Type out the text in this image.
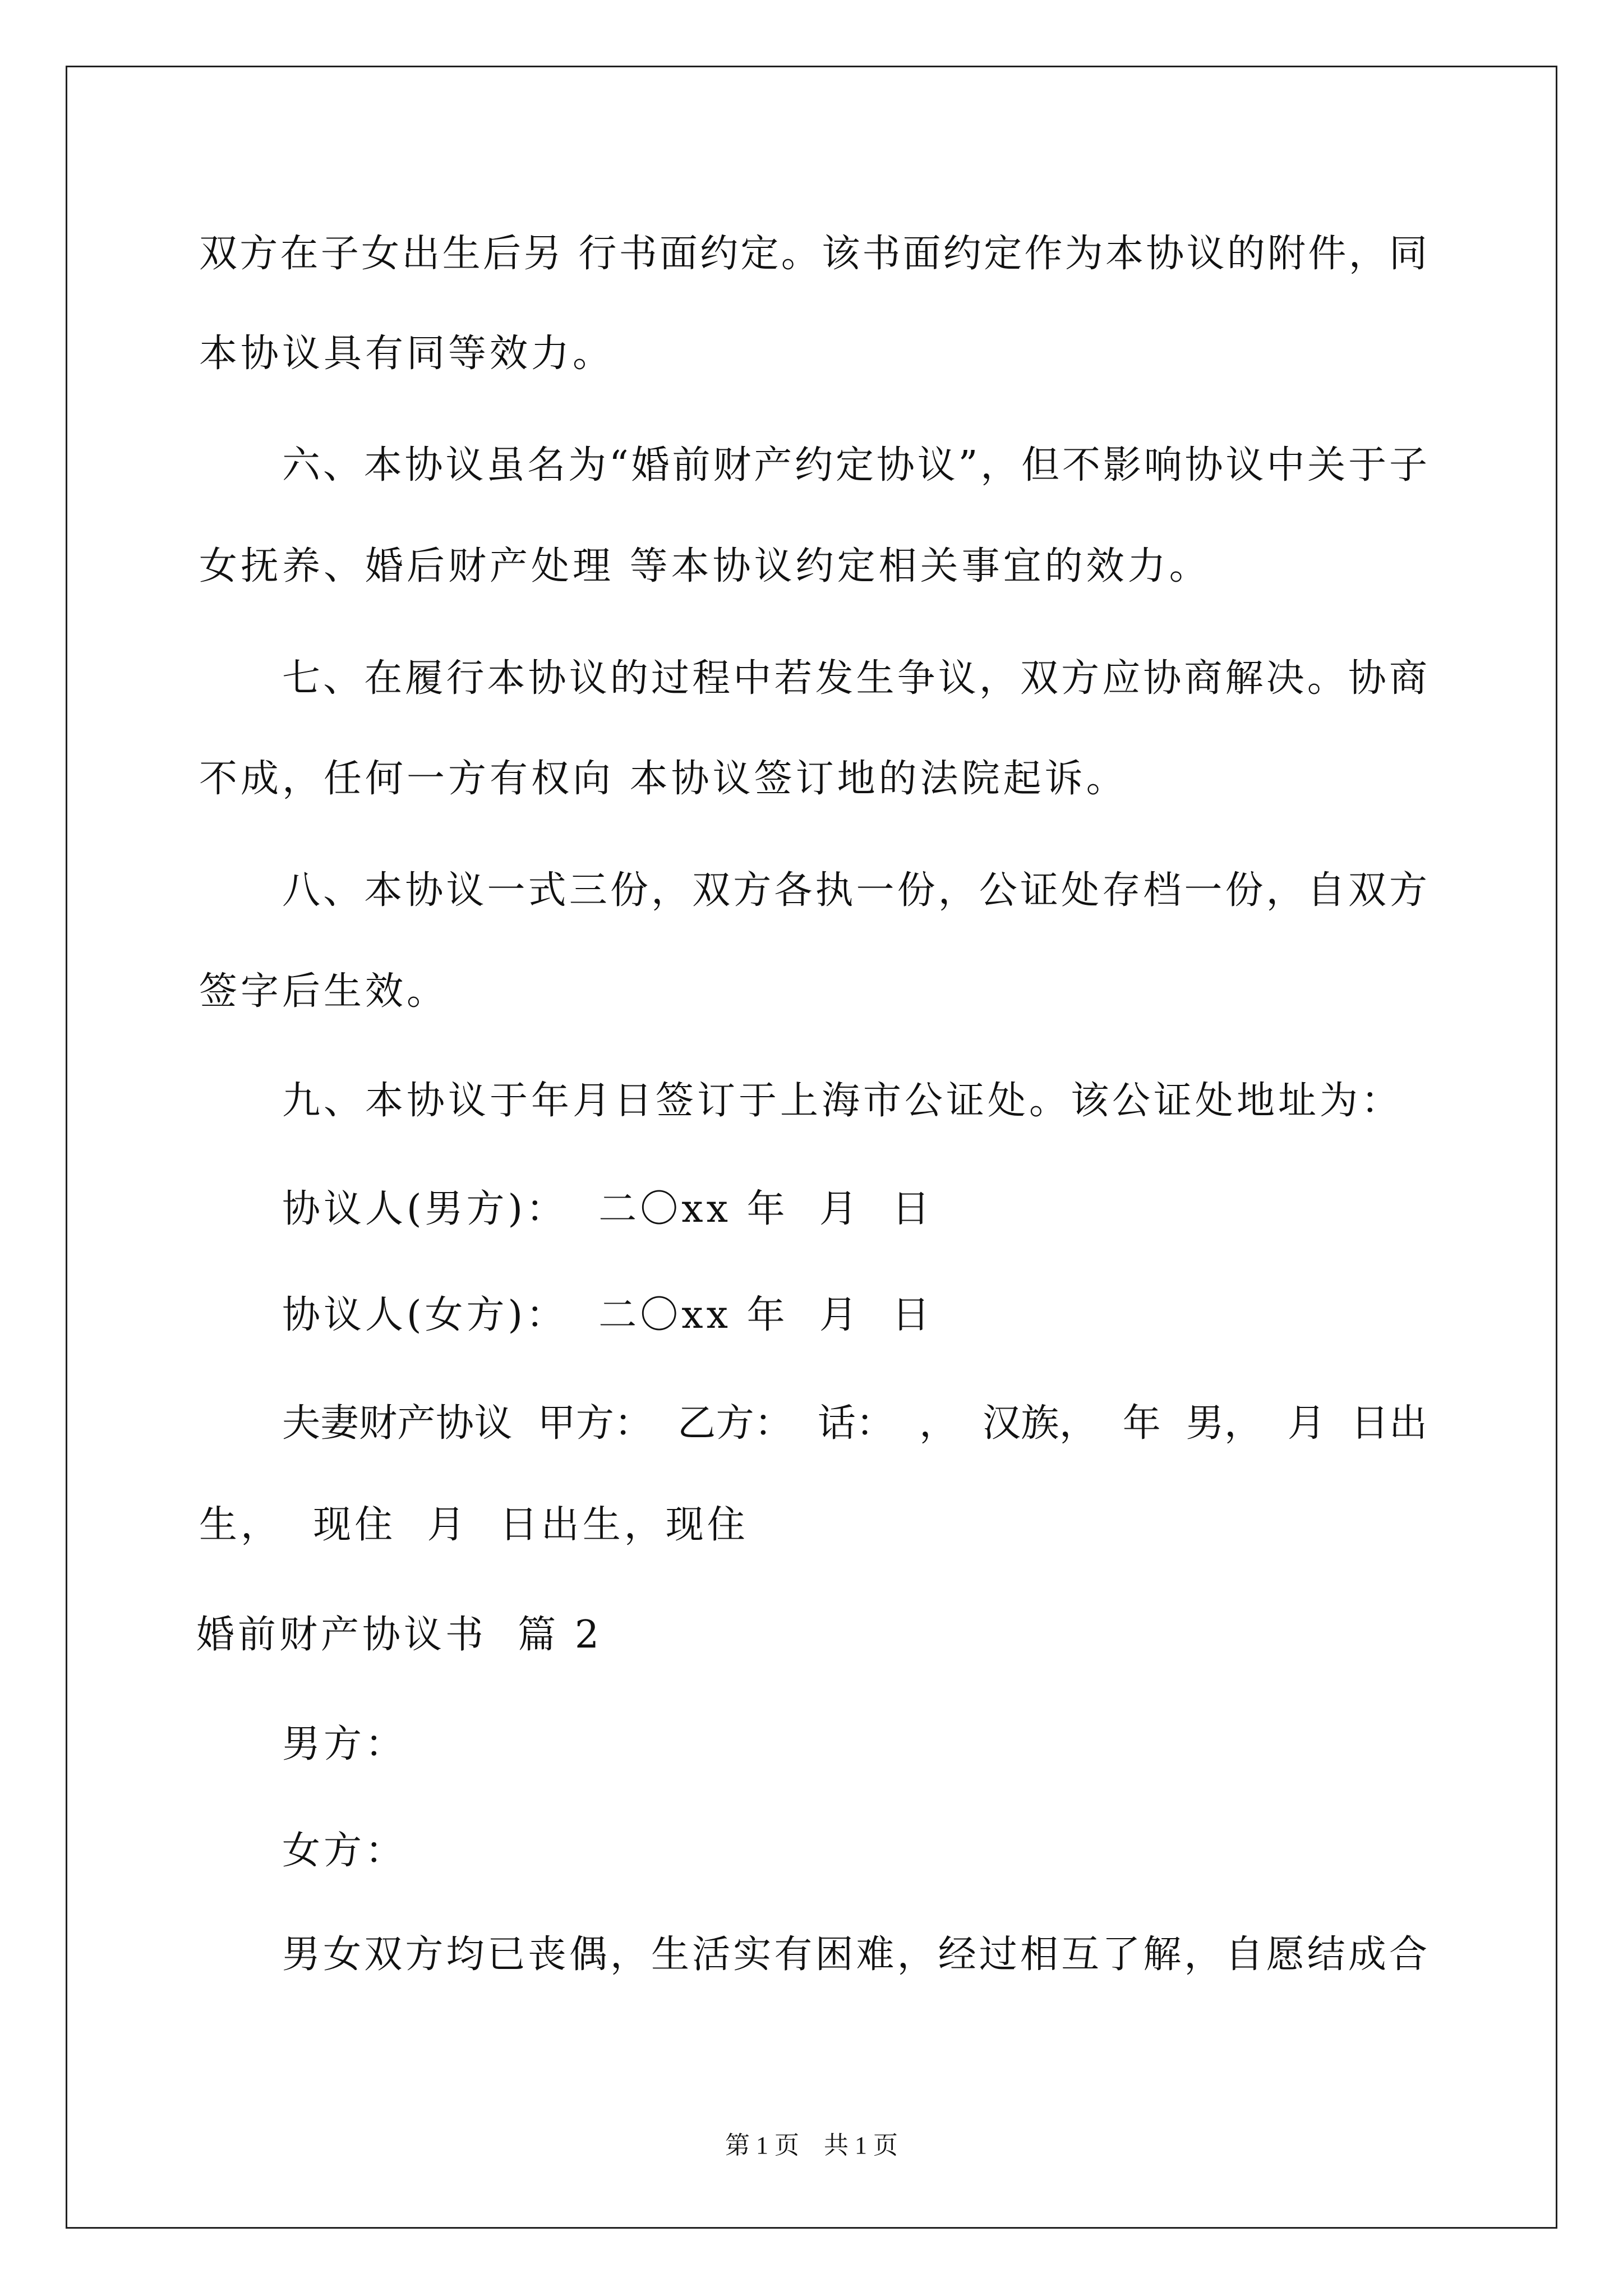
双方在子女出生后另 行书面约定。该书面约定作为本协议的附件，同
本协议具有同等效力。
六、本协议虽名为“婚前财产约定协议”，但不影响协议中关于子
女抚养、婚后财产处理 等本协议约定相关事宜的效力。
七、在履行本协议的过程中若发生争议，双方应协商解决。协商
不成，任何一方有权向 本协议签订地的法院起诉。
八、本协议一式三份，双方各执一份，公证处存档一份，自双方
签字后生效。
九、本协议于年月日签订于上海市公证处。该公证处地址为：
协议人(男方)：  二〇xx 年  月  日
协议人(女方)：  二〇xx 年  月  日
夫妻财产协议  甲方：  乙方：  话：  ，  汉族，  年  男，  月  日出
生，  现住  月  日出生，现住
婚前财产协议书  篇 2
男方：
女方：
男女双方均已丧偶，生活实有困难，经过相互了解，自愿结成合
第 1 页    共 1 页
